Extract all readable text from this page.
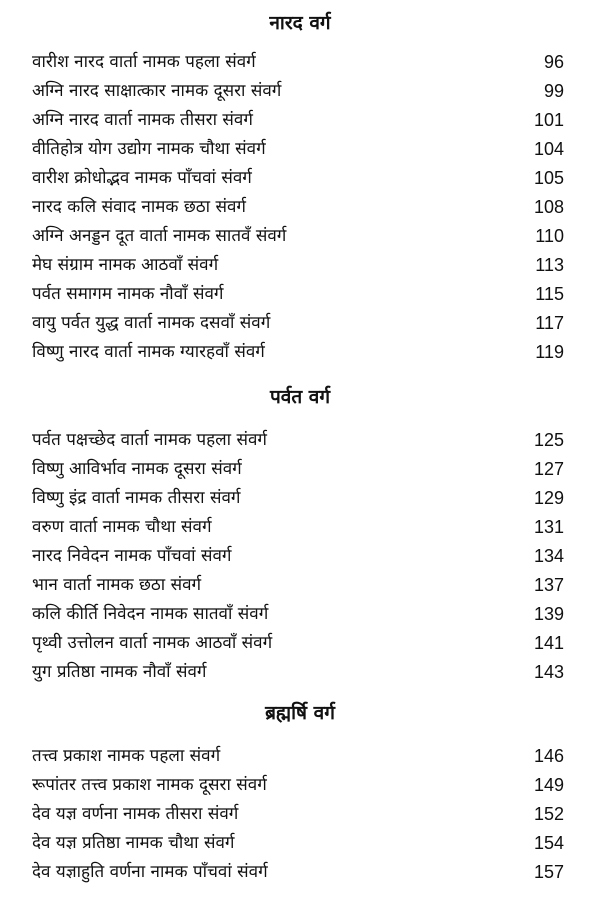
नारद वर्ग
वारीश नारद वार्ता नामक पहला संवर्ग	96
अग्नि नारद साक्षात्कार नामक दूसरा संवर्ग	99
अग्नि नारद वार्ता नामक तीसरा संवर्ग	101
वीतिहोत्र योग उद्योग नामक चौथा संवर्ग	104
वारीश क्रोधोद्भव नामक पाँचवां संवर्ग	105
नारद कलि संवाद नामक छठा संवर्ग	108
अग्नि अनड्डन दूत वार्ता नामक सातवँ संवर्ग	110
मेघ संग्राम नामक आठवाँ संवर्ग	113
पर्वत समागम नामक नौवाँ संवर्ग	115
वायु पर्वत युद्ध वार्ता नामक दसवाँ संवर्ग	117
विष्णु नारद वार्ता नामक ग्यारहवाँ संवर्ग	119
पर्वत वर्ग
पर्वत पक्षच्छेद वार्ता नामक पहला संवर्ग	125
विष्णु आविर्भाव नामक दूसरा संवर्ग	127
विष्णु इंद्र वार्ता नामक तीसरा संवर्ग	129
वरुण वार्ता नामक चौथा संवर्ग	131
नारद निवेदन नामक पाँचवां संवर्ग	134
भान वार्ता नामक छठा संवर्ग	137
कलि कीर्ति निवेदन नामक सातवाँ संवर्ग	139
पृथ्वी उत्तोलन वार्ता नामक आठवाँ संवर्ग	141
युग प्रतिष्ठा नामक नौवाँ संवर्ग	143
ब्रह्मर्षि वर्ग
तत्त्व प्रकाश नामक पहला संवर्ग	146
रूपांतर तत्त्व प्रकाश नामक दूसरा संवर्ग	149
देव यज्ञ वर्णना नामक तीसरा संवर्ग	152
देव यज्ञ प्रतिष्ठा नामक चौथा संवर्ग	154
देव यज्ञाहुति वर्णना नामक पाँचवां संवर्ग	157
